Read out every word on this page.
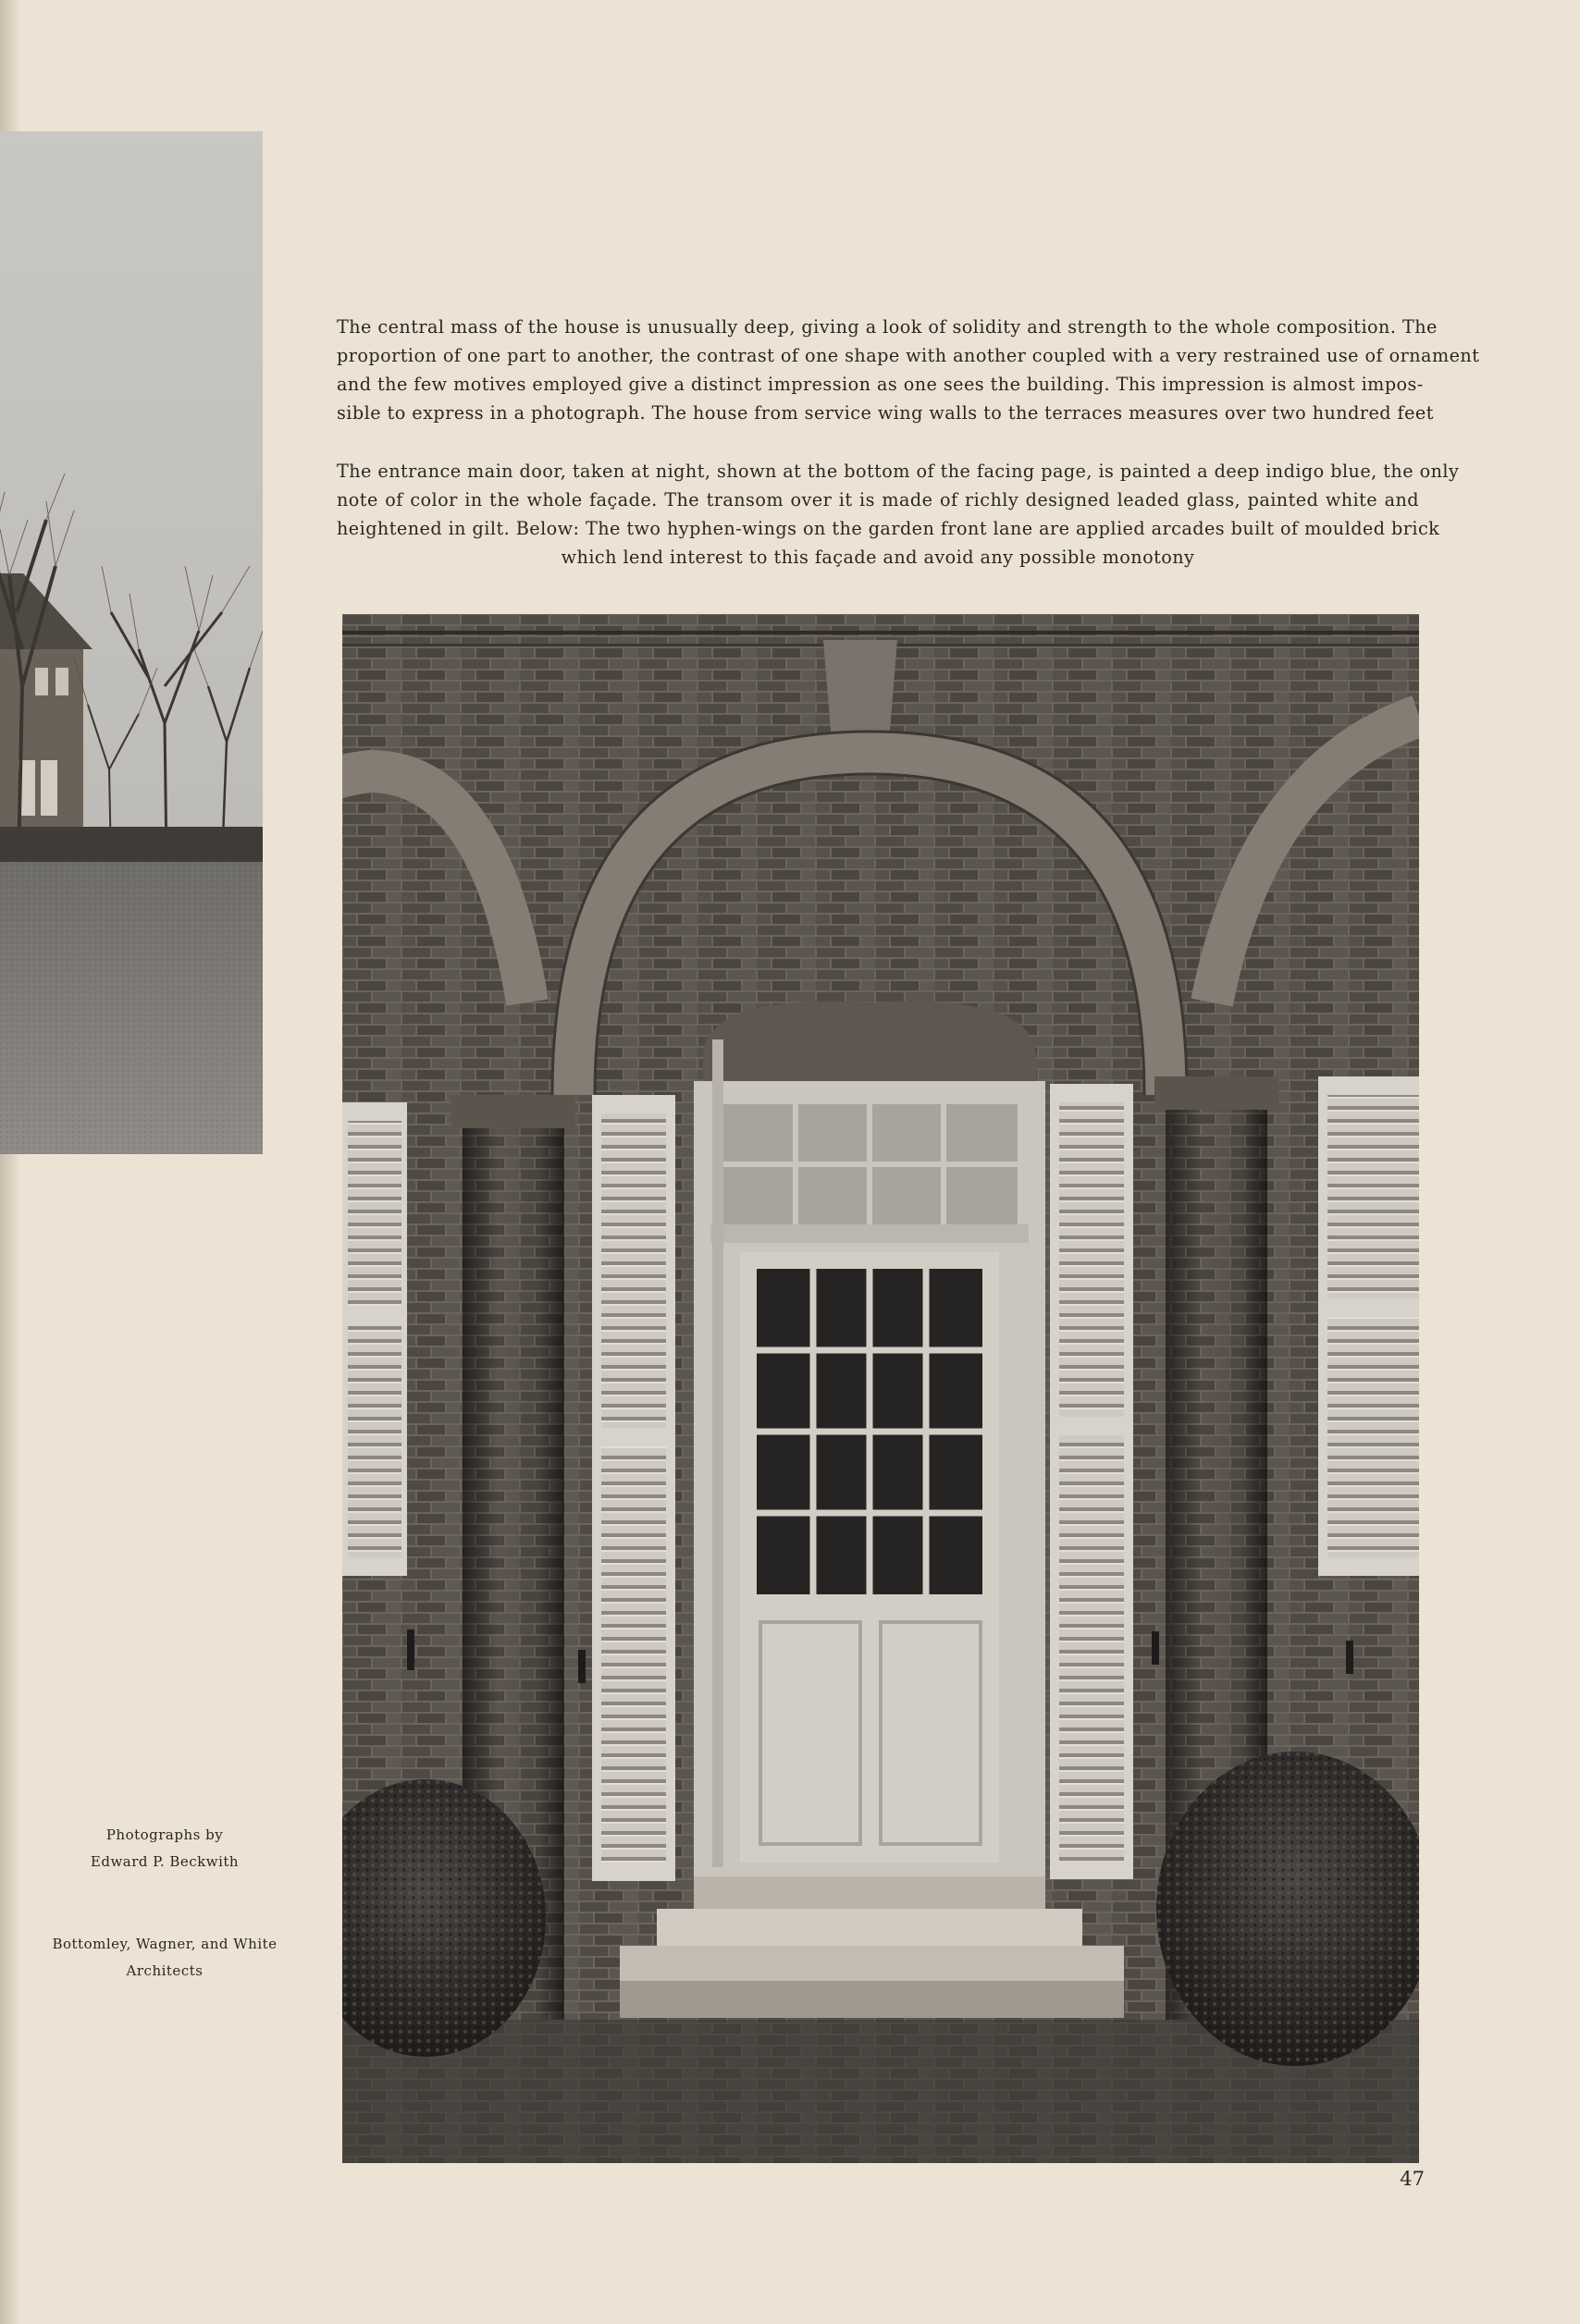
The central mass of the house is unusually deep, giving a look of solidity and strength to the whole composition. The
proportion of one part to another, the contrast of one shape with another coupled with a very restrained use of ornament
and the few motives employed give a distinct impression as one sees the building. This impression is almost impos-
sible to express in a photograph. The house from service wing walls to the terraces measures over two hundred feet
The entrance main door, taken at night, shown at the bottom of the facing page, is painted a deep indigo blue, the only
note of color in the whole façade. The transom over it is made of richly designed leaded glass, painted white and
heightened in gilt. Below: The two hyphen-wings on the garden front lane are applied arcades built of moulded brick
which lend interest to this façade and avoid any possible monotony
Photographs by
Edward P. Beckwith
Bottomley, Wagner, and White
Architects
47
